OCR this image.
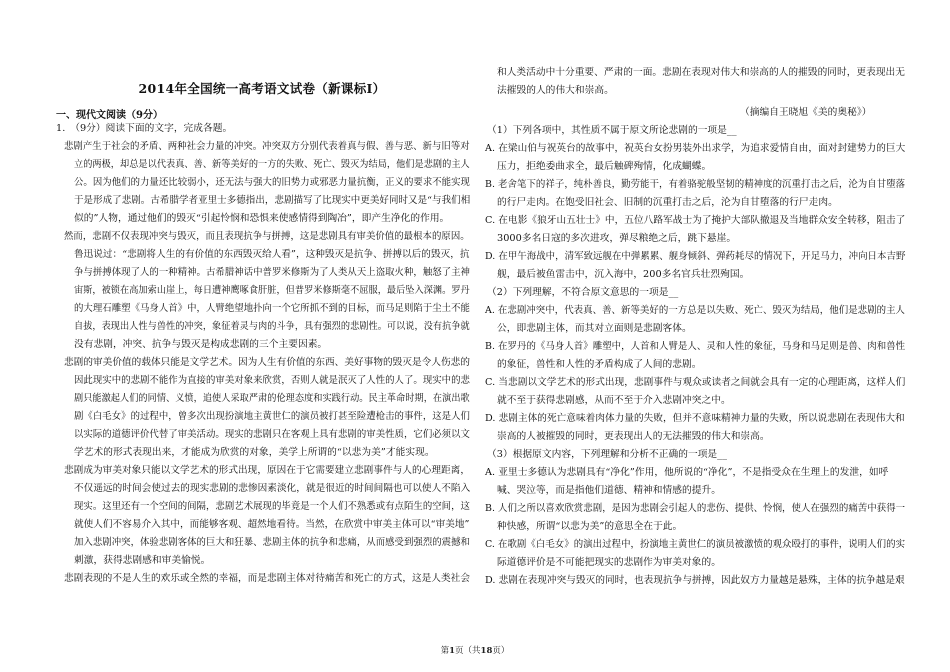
2014年全国统一高考语文试卷（新课标Ⅰ）
一、现代文阅读（9分）
1.　（9分）阅读下面的文字，完成各题。
悲剧产生于社会的矛盾、两种社会力量的冲突。冲突双方分别代表着真与假、善与恶、新与旧等对
立的两极，却总是以代表真、善、新等美好的一方的失败、死亡、毁灭为结局，他们是悲剧的主人
公。因为他们的力量还比较弱小，还无法与强大的旧势力或邪恶力量抗衡，正义的要求不能实现
于是形成了悲剧。古希腊学者亚里士多德指出，悲剧描写了比现实中更美好同时又是“与我们相
似的”人物，通过他们的毁灭“引起怜悯和恐惧来使感情得到陶冶”，即产生净化的作用。
然而，悲剧不仅表现冲突与毁灭，而且表现抗争与拼搏，这是悲剧具有审美价值的最根本的原因。
鲁迅说过：“悲剧将人生的有价值的东西毁灭给人看”，这种毁灭是抗争、拼搏以后的毁灭，抗
争与拼搏体现了人的一种精神。古希腊神话中普罗米修斯为了人类从天上盗取火种，触怒了主神
宙斯，被锁在高加索山崖上，每日遭神鹰啄食肝脏，但普罗米修斯毫不屈服，最后坠入深渊。罗丹
的大理石雕塑《马身人首》中，人臂绝望地扑向一个它所抓不到的目标，而马足则陷于尘土不能
自拔，表现出人性与兽性的冲突，象征着灵与肉的斗争，具有强烈的悲剧性。可以说，没有抗争就
没有悲剧，冲突、抗争与毁灭是构成悲剧的三个主要因素。
悲剧的审美价值的载体只能是文学艺术。因为人生有价值的东西、美好事物的毁灭是令人伤悲的
因此现实中的悲剧不能作为直接的审美对象来欣赏，否则人就是泯灭了人性的人了。现实中的悲
剧只能激起人们的同情、义愤，追使人采取严肃的伦理态度和实践行动。民主革命时期，在演出歌
剧《白毛女》的过程中，曾多次出现扮演地主黄世仁的演员被打甚至险遭枪击的事件，这是人们
以实际的道德评价代替了审美活动。现实的悲剧只在客观上具有悲剧的审美性质，它们必须以文
学艺术的形式表现出来，才能成为欣赏的对象，美学上所谓的“以悲为美”才能实现。
悲剧成为审美对象只能以文学艺术的形式出现，原因在于它需要建立悲剧事件与人的心理距离，
不仅遥远的时间会使过去的现实悲剧的悲惨因素淡化，就是很近的时间间隔也可以使人不陷入
现实。这里还有一个空间的间隔，悲剧艺术展现的毕竟是一个人们不熟悉或有点陌生的空间，这
就使人们不容易介入其中，而能够客观、超然地看待。当然，在欣赏中审美主体可以“审美地”
加入悲剧冲突，体验悲剧客体的巨大和狂暴、悲剧主体的抗争和悲痛，从而感受到强烈的震撼和
刺激，获得悲剧感和审美愉悦。
悲剧表现的不是人生的欢乐或全然的幸福，而是悲剧主体对待痛苦和死亡的方式，这是人类社会
和人类活动中十分重要、严肃的一面。悲剧在表现对伟大和崇高的人的摧毁的同时，更表现出无
法摧毁的人的伟大和崇高。
（摘编自王晓旭《美的奥秘》）
（1）下列各项中，其性质不属于原文所论悲剧的一项是__
A. 在梁山伯与祝英台的故事中，祝英台女扮男装外出求学，为追求爱情自由，面对封建势力的巨大
压力，拒绝委曲求全，最后触碑殉情，化成蝴蝶。
B. 老舍笔下的祥子，纯朴善良，勤劳能干，有着骆驼般坚韧的精神度的沉重打击之后，沦为自甘堕落
的行尸走肉。在饱受旧社会、旧制的沉重打击之后，沦为自甘堕落的行尸走肉。
C. 在电影《狼牙山五壮士》中，五位八路军战士为了掩护大部队撤退及当地群众安全转移，阻击了
3000多名日寇的多次进攻，弹尽粮绝之后，跳下悬崖。
D. 在甲午海战中，清军致远舰在中弹累累、舰身倾斜、弹药耗尽的情况下，开足马力，冲向日本吉野
舰，最后被鱼雷击中，沉入海中，200多名官兵壮烈殉国。
（2）下列理解，不符合原文意思的一项是__
A. 在悲剧冲突中，代表真、善、新等美好的一方总是以失败、死亡、毁灭为结局，他们是悲剧的主人
公，即悲剧主体，而其对立面则是悲剧客体。
B. 在罗丹的《马身人首》雕塑中，人首和人臂是人、灵和人性的象征，马身和马足则是兽、肉和兽性
的象征，兽性和人性的矛盾构成了人间的悲剧。
C. 当悲剧以文学艺术的形式出现，悲剧事件与观众或读者之间就会具有一定的心理距离，这样人们
就不至于获得悲剧感，从而不至于介入悲剧冲突之中。
D. 悲剧主体的死亡意味着肉体力量的失败，但并不意味精神力量的失败，所以说悲剧在表现伟大和
崇高的人被摧毁的同时，更表现出人的无法摧毁的伟大和崇高。
（3）根据原文内容，下列理解和分析不正确的一项是__
A. 亚里士多德认为悲剧具有“净化”作用，他所说的“净化”，不是指受众在生理上的发泄，如呼
喊、哭泣等，而是指他们道德、精神和情感的提升。
B. 人们之所以喜欢欣赏悲剧，是因为悲剧会引起人的悲伤、提供、怜悯，使人在强烈的痛苦中获得一
种快感，所谓“以悲为美”的意思全在于此。
C. 在歌剧《白毛女》的演出过程中，扮演地主黄世仁的演员被激愤的观众殴打的事件，说明人们的实
际道德评价是不可能把现实的悲剧作为审美对象的。
D. 悲剧在表现冲突与毁灭的同时，也表现抗争与拼搏，因此奴方力量越是悬殊，主体的抗争越是艰
第1页（共18页）
